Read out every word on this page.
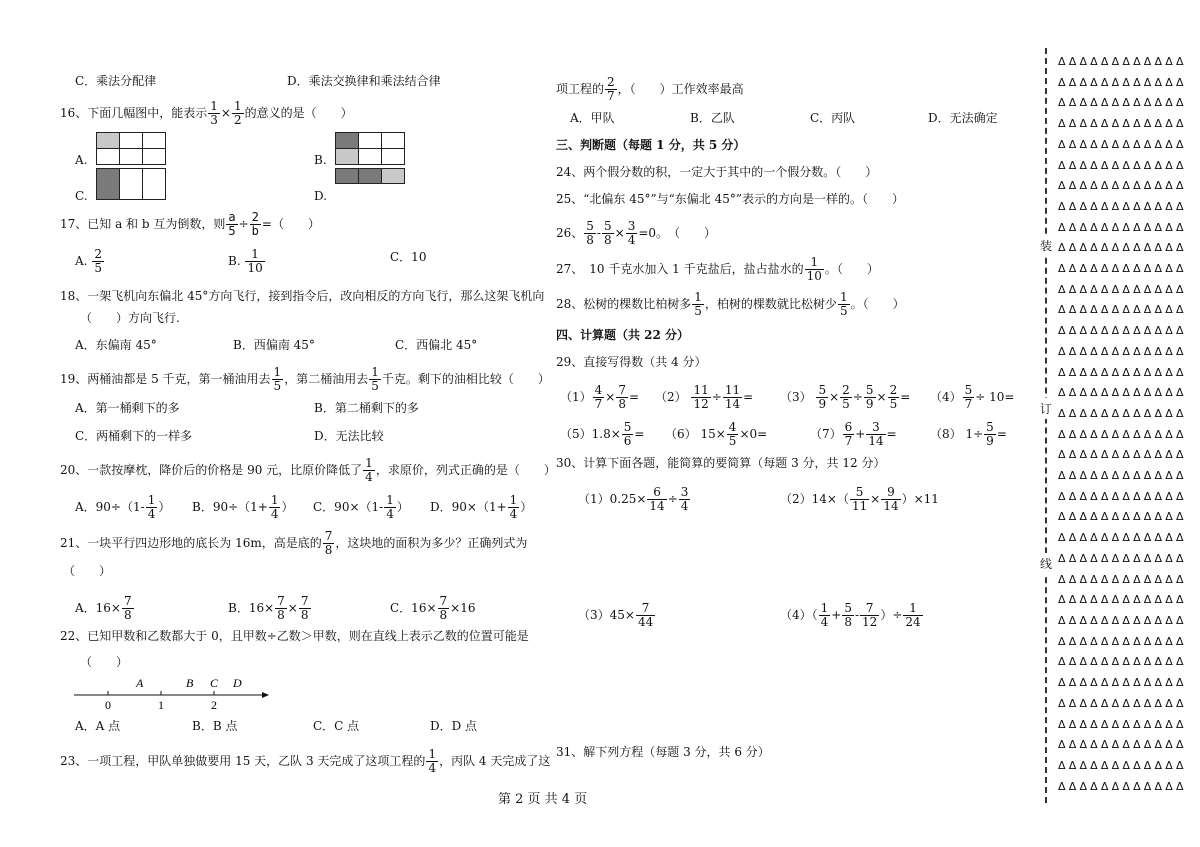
C．乘法分配律	D．乘法交换律和乘法结合律
16、下面几幅图中，能表示 $\frac{1}{3} \times \frac{1}{2}$ 的意义的是（　　）
A.	B.
C.	D.
17、已知 a 和 b 互为倒数，则 $\frac{a}{5} \div \frac{2}{b}$ =（　　）
A. $\frac{2}{5}$	B. $\frac{1}{10}$	C．10
18、一架飞机向东偏北 45°方向飞行，接到指令后，改向相反的方向飞行，那么这架飞机向
（　　）方向飞行.
A．东偏南 45°	B．西偏南 45°	C．西偏北 45°
19、两桶油都是 5 千克，第一桶油用去 $\frac{1}{5}$ ，第二桶油用去 $\frac{1}{5}$ 千克。剩下的油相比较（　　）
A．第一桶剩下的多	B．第二桶剩下的多
C．两桶剩下的一样多	D．无法比较
20、一款按摩枕，降价后的价格是 90 元，比原价降低了 $\frac{1}{4}$ ，求原价，列式正确的是（　　）
A．$90\div(1- \frac{1}{4}$ ） B．$90\div(1+ \frac{1}{4}$ ） C．$90\times(1- \frac{1}{4}$ ） D．$90\times(1+ \frac{1}{4}$ ）
21、一块平行四边形地的底长为 16m，高是底的 $\frac{7}{8}$ ，这块地的面积为多少？正确列式为
（　　）
A．$16\times \frac{7}{8}$	B．$16\times \frac{7}{8} \times \frac{7}{8}$	C．$16\times \frac{7}{8} \times 16$
22、已知甲数和乙数都大于 0，且甲数÷乙数＞甲数，则在直线上表示乙数的位置可能是
（　　）
A	B C D
0	1	2
A．A 点	B．B 点	C．C 点	D．D 点
23、一项工程，甲队单独做要用 15 天，乙队 3 天完成了这项工程的 $\frac{1}{4}$ ，丙队 4 天完成了这
项工程的 $\frac{2}{7}$ ，（　　）工作效率最高
A．甲队	B．乙队	C．丙队	D．无法确定
三、判断题（每题 1 分，共 5 分）
24、两个假分数的积，一定大于其中的一个假分数。（　　）
25、“北偏东 45°”与“东偏北 45°”表示的方向是一样的。（　　）
26、 $\frac{5}{8} - \frac{5}{8} \times \frac{3}{4} =0$。　（　　）
27、　10 千克水加入 1 千克盐后，盐占盐水的 $\frac{1}{10}$ 。（　　）
28、松树的棵数比柏树多 $\frac{1}{5}$ ，柏树的棵数就比松树少 $\frac{1}{5}$ 。（　　）
四、计算题（共 22 分）
29、直接写得数（共 4 分）
$(1) \frac{4}{7} \times \frac{7}{8} = (2) \frac{11}{12} \div \frac{11}{14} = (3) \frac{5}{9} \times \frac{2}{5} \div \frac{5}{9} \times \frac{2}{5} = (4) \frac{5}{7} \div 10=$
$(5)1.8\times \frac{5}{6} = (6)$ $15\times \frac{4}{5} \times 0=$	$(7) \frac{6}{7} + \frac{3}{14}$ =	（8） $1\div \frac{5}{9}$ =
30、计算下面各题，能简算的要简算（每题 3 分，共 12 分）
$(1)0.25\times \frac{6}{14} \div \frac{3}{4}$	$(2)14\times( \frac{5}{11} \times \frac{9}{14} )\times 11$
$(3)45\times \frac{7}{44}$	$(4)( \frac{1}{4} + \frac{5}{8} - \frac{7}{12}$ ）÷ $\frac{1}{24}$
31、解下列方程（每题 3 分，共 6 分）
第 2 页 共 4 页
装
订
线
ΔΔΔΔΔΔΔΔΔΔΔΔ
ΔΔΔΔΔΔΔΔΔΔΔΔ
ΔΔΔΔΔΔΔΔΔΔΔΔ
ΔΔΔΔΔΔΔΔΔΔΔΔ
ΔΔΔΔΔΔΔΔΔΔΔΔ
ΔΔΔΔΔΔΔΔΔΔΔΔ
ΔΔΔΔΔΔΔΔΔΔΔΔ
ΔΔΔΔΔΔΔΔΔΔΔΔ
ΔΔΔΔΔΔΔΔΔΔΔΔ
ΔΔΔΔΔΔΔΔΔΔΔΔ
ΔΔΔΔΔΔΔΔΔΔΔΔ
ΔΔΔΔΔΔΔΔΔΔΔΔ
ΔΔΔΔΔΔΔΔΔΔΔΔ
ΔΔΔΔΔΔΔΔΔΔΔΔ
ΔΔΔΔΔΔΔΔΔΔΔΔ
ΔΔΔΔΔΔΔΔΔΔΔΔ
ΔΔΔΔΔΔΔΔΔΔΔΔ
ΔΔΔΔΔΔΔΔΔΔΔΔ
ΔΔΔΔΔΔΔΔΔΔΔΔ
ΔΔΔΔΔΔΔΔΔΔΔΔ
ΔΔΔΔΔΔΔΔΔΔΔΔ
ΔΔΔΔΔΔΔΔΔΔΔΔ
ΔΔΔΔΔΔΔΔΔΔΔΔ
ΔΔΔΔΔΔΔΔΔΔΔΔ
ΔΔΔΔΔΔΔΔΔΔΔΔ
ΔΔΔΔΔΔΔΔΔΔΔΔ
ΔΔΔΔΔΔΔΔΔΔΔΔ
ΔΔΔΔΔΔΔΔΔΔΔΔ
ΔΔΔΔΔΔΔΔΔΔΔΔ
ΔΔΔΔΔΔΔΔΔΔΔΔ
ΔΔΔΔΔΔΔΔΔΔΔΔ
ΔΔΔΔΔΔΔΔΔΔΔΔ
ΔΔΔΔΔΔΔΔΔΔΔΔ
ΔΔΔΔΔΔΔΔΔΔΔΔ
ΔΔΔΔΔΔΔΔΔΔΔΔ
ΔΔΔΔΔΔΔΔΔΔΔΔ
